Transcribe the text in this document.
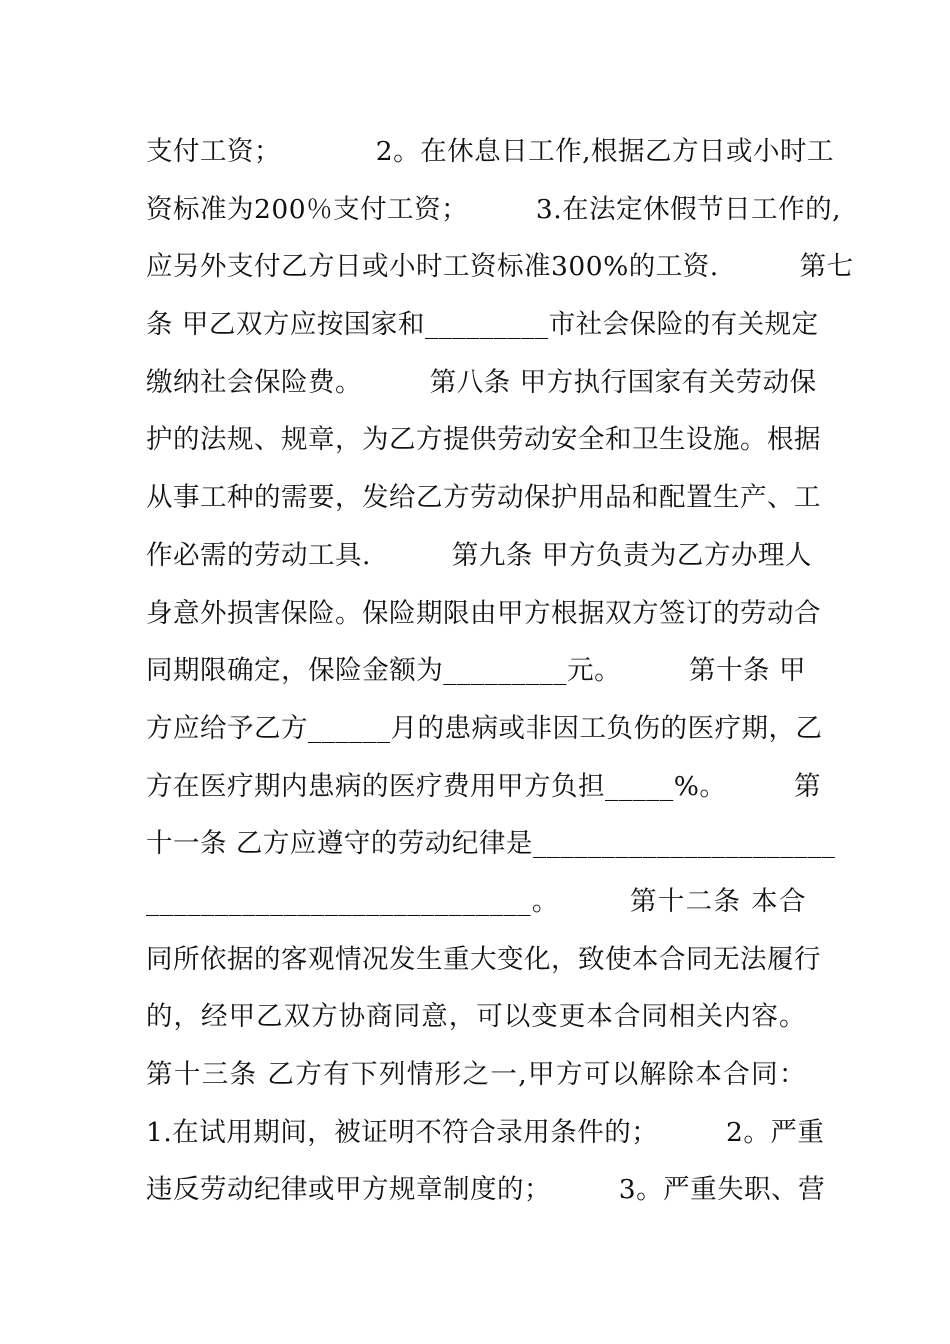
支付工资；　　　　2。在休息日工作,根据乙方日或小时工
资标准为200％支付工资；　　　3.在法定休假节日工作的,
应另外支付乙方日或小时工资标准300%的工资.　　　第七
条 甲乙双方应按国家和_________市社会保险的有关规定
缴纳社会保险费。　　　第八条 甲方执行国家有关劳动保
护的法规、规章，为乙方提供劳动安全和卫生设施。根据
从事工种的需要，发给乙方劳动保护用品和配置生产、工
作必需的劳动工具.　　　第九条 甲方负责为乙方办理人
身意外损害保险。保险期限由甲方根据双方签订的劳动合
同期限确定，保险金额为_________元。　　　第十条 甲
方应给予乙方______月的患病或非因工负伤的医疗期，乙
方在医疗期内患病的医疗费用甲方负担_____%。　　　第
十一条 乙方应遵守的劳动纪律是______________________
____________________________。　　　第十二条 本合
同所依据的客观情况发生重大变化，致使本合同无法履行
的，经甲乙双方协商同意，可以变更本合同相关内容。
第十三条 乙方有下列情形之一,甲方可以解除本合同：
1.在试用期间，被证明不符合录用条件的；　　　2。严重
违反劳动纪律或甲方规章制度的；　　　3。严重失职、营
